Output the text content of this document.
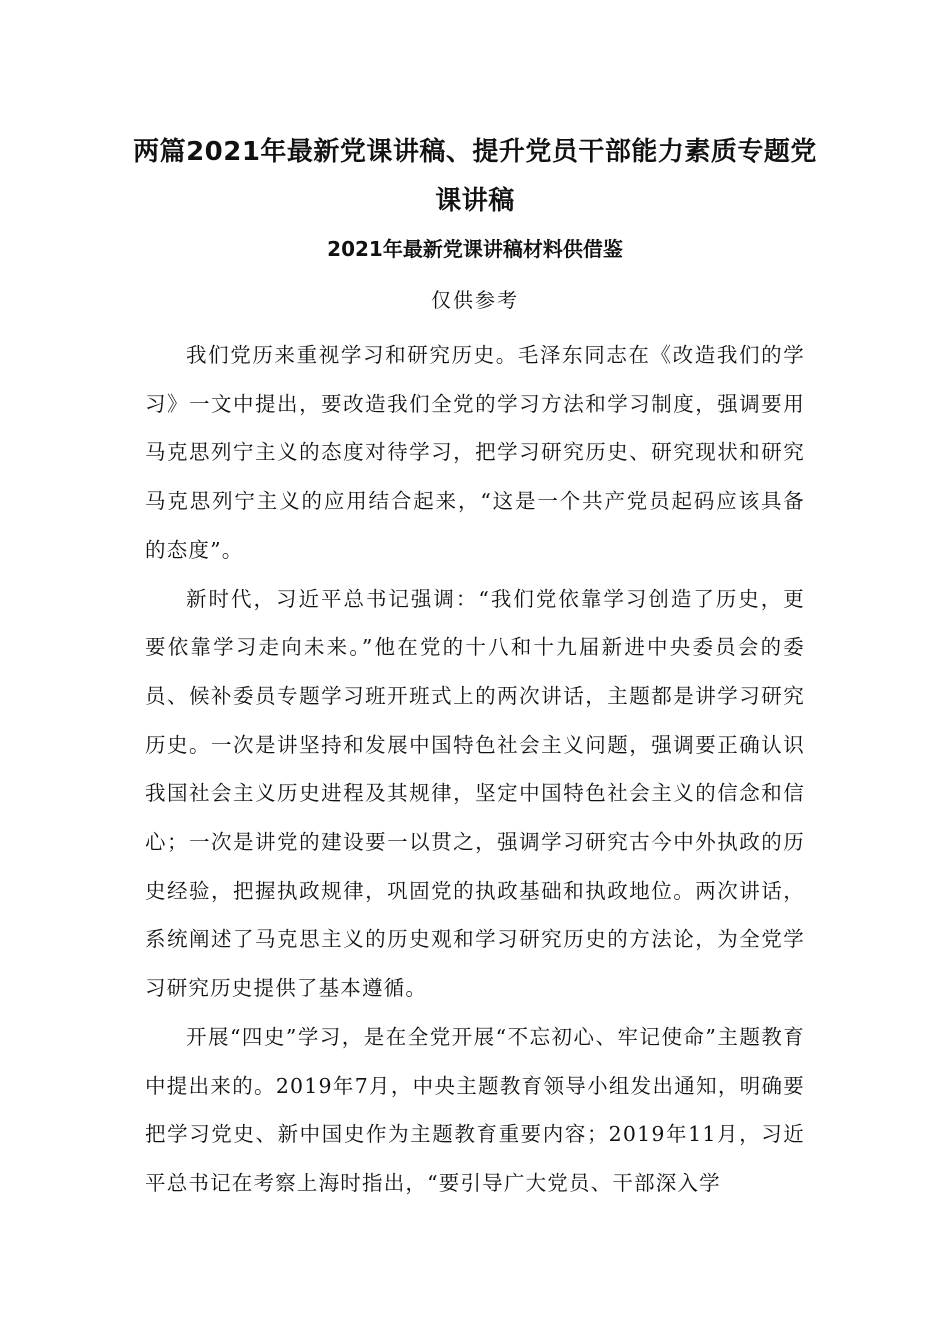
两篇2021年最新党课讲稿、提升党员干部能力素质专题党课讲稿
2021年最新党课讲稿材料供借鉴
仅供参考

我们党历来重视学习和研究历史。毛泽东同志在《改造我们的学习》一文中提出，要改造我们全党的学习方法和学习制度，强调要用马克思列宁主义的态度对待学习，把学习研究历史、研究现状和研究马克思列宁主义的应用结合起来，“这是一个共产党员起码应该具备的态度”。

新时代，习近平总书记强调：“我们党依靠学习创造了历史，更要依靠学习走向未来。”他在党的十八和十九届新进中央委员会的委员、候补委员专题学习班开班式上的两次讲话，主题都是讲学习研究历史。一次是讲坚持和发展中国特色社会主义问题，强调要正确认识我国社会主义历史进程及其规律，坚定中国特色社会主义的信念和信心；一次是讲党的建设要一以贯之，强调学习研究古今中外执政的历史经验，把握执政规律，巩固党的执政基础和执政地位。两次讲话，系统阐述了马克思主义的历史观和学习研究历史的方法论，为全党学习研究历史提供了基本遵循。

开展“四史”学习，是在全党开展“不忘初心、牢记使命”主题教育中提出来的。2019年7月，中央主题教育领导小组发出通知，明确要把学习党史、新中国史作为主题教育重要内容；2019年11月，习近平总书记在考察上海时指出，“要引导广大党员、干部深入学
